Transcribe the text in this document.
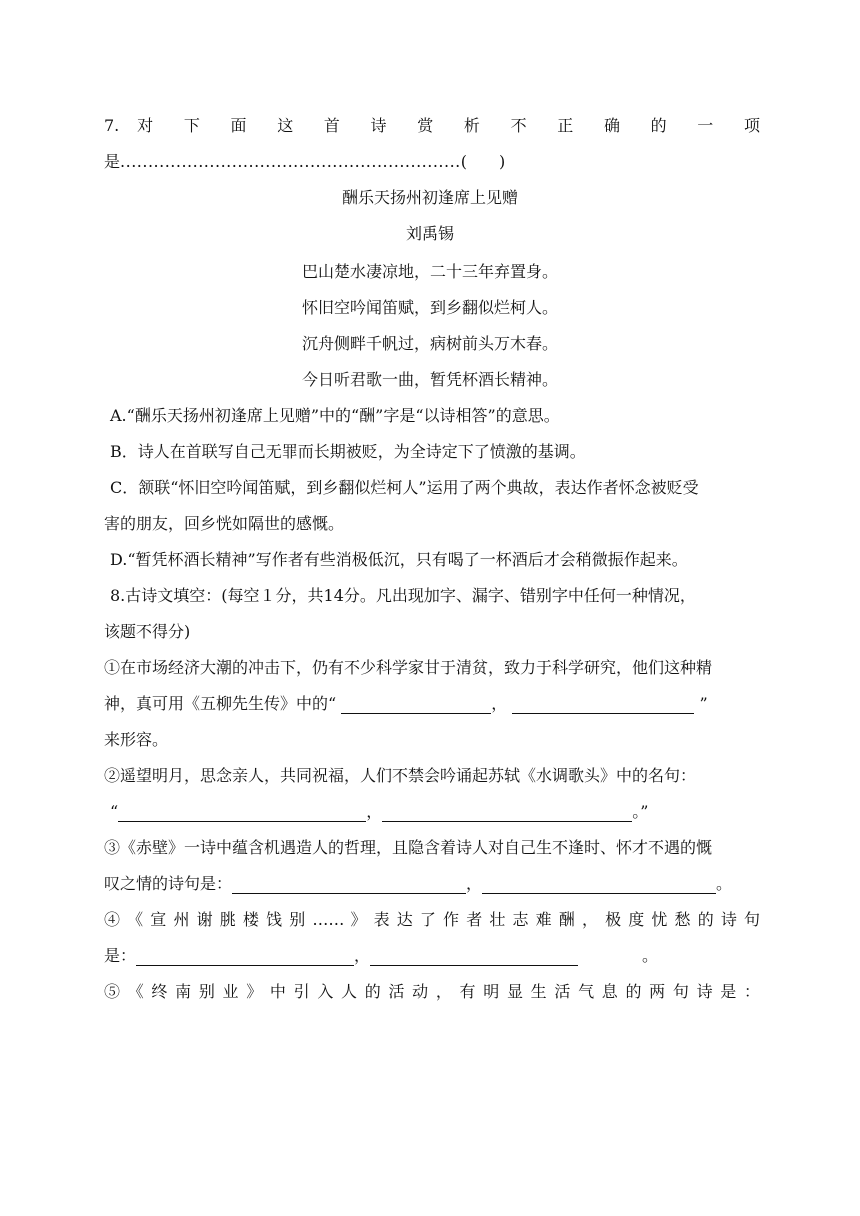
7. 对 下 面 这 首 诗 赏 析 不 正 确 的 一 项
是.............................................................(　　)
酬乐天扬州初逢席上见赠
刘禹锡
巴山楚水凄凉地，二十三年弃置身。
怀旧空吟闻笛赋，到乡翻似烂柯人。
沉舟侧畔千帆过，病树前头万木春。
今日听君歌一曲，暂凭杯酒长精神。
A.“酬乐天扬州初逢席上见赠”中的“酬”字是“以诗相答”的意思。
B．诗人在首联写自己无罪而长期被贬，为全诗定下了愤激的基调。
C．颔联“怀旧空吟闻笛赋，到乡翻似烂柯人”运用了两个典故，表达作者怀念被贬受
害的朋友，回乡恍如隔世的感慨。
D.“暂凭杯酒长精神”写作者有些消极低沉，只有喝了一杯酒后才会稍微振作起来。
8.古诗文填空：(每空１分，共14分。凡出现加字、漏字、错别字中任何一种情况，
该题不得分)
①在市场经济大潮的冲击下，仍有不少科学家甘于清贫，致力于科学研究，他们这种精
神，真可用《五柳先生传》中的“	，	”
来形容。
②遥望明月，思念亲人，共同祝福，人们不禁会吟诵起苏轼《水调歌头》中的名句：
“	，	。”
③《赤壁》一诗中蕴含机遇造人的哲理，且隐含着诗人对自己生不逢时、怀才不遇的慨
叹之情的诗句是：	，	。
④ 《 宣 州 谢 朓 楼 饯 别 …… 》 表 达 了 作 者 壮 志 难 酬 ， 极 度 忧 愁 的 诗 句
是：	，	。
⑤ 《 终 南 别 业 》 中 引 入 人 的 活 动 ， 有 明 显 生 活 气 息 的 两 句 诗 是 ：
